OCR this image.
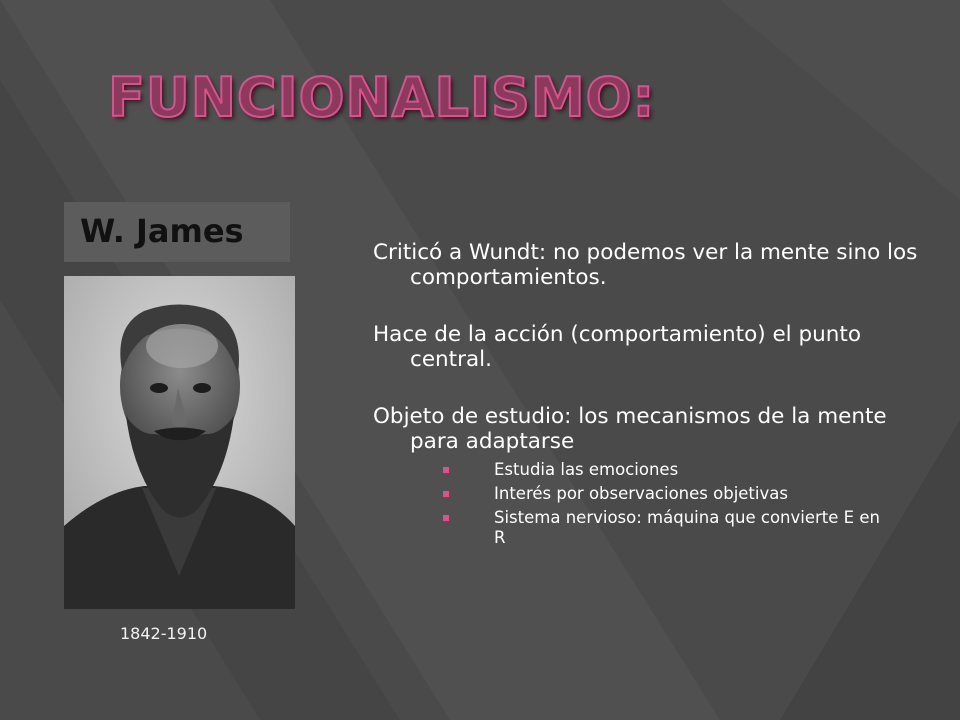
FUNCIONALISMO:
W. James
1842-1910

Criticó a Wundt: no podemos ver la mente sino los comportamientos.

Hace de la acción (comportamiento) el punto central.

Objeto de estudio: los mecanismos de la mente para adaptarse

Estudia las emociones
Interés por observaciones objetivas
Sistema nervioso: máquina que convierte E en R
